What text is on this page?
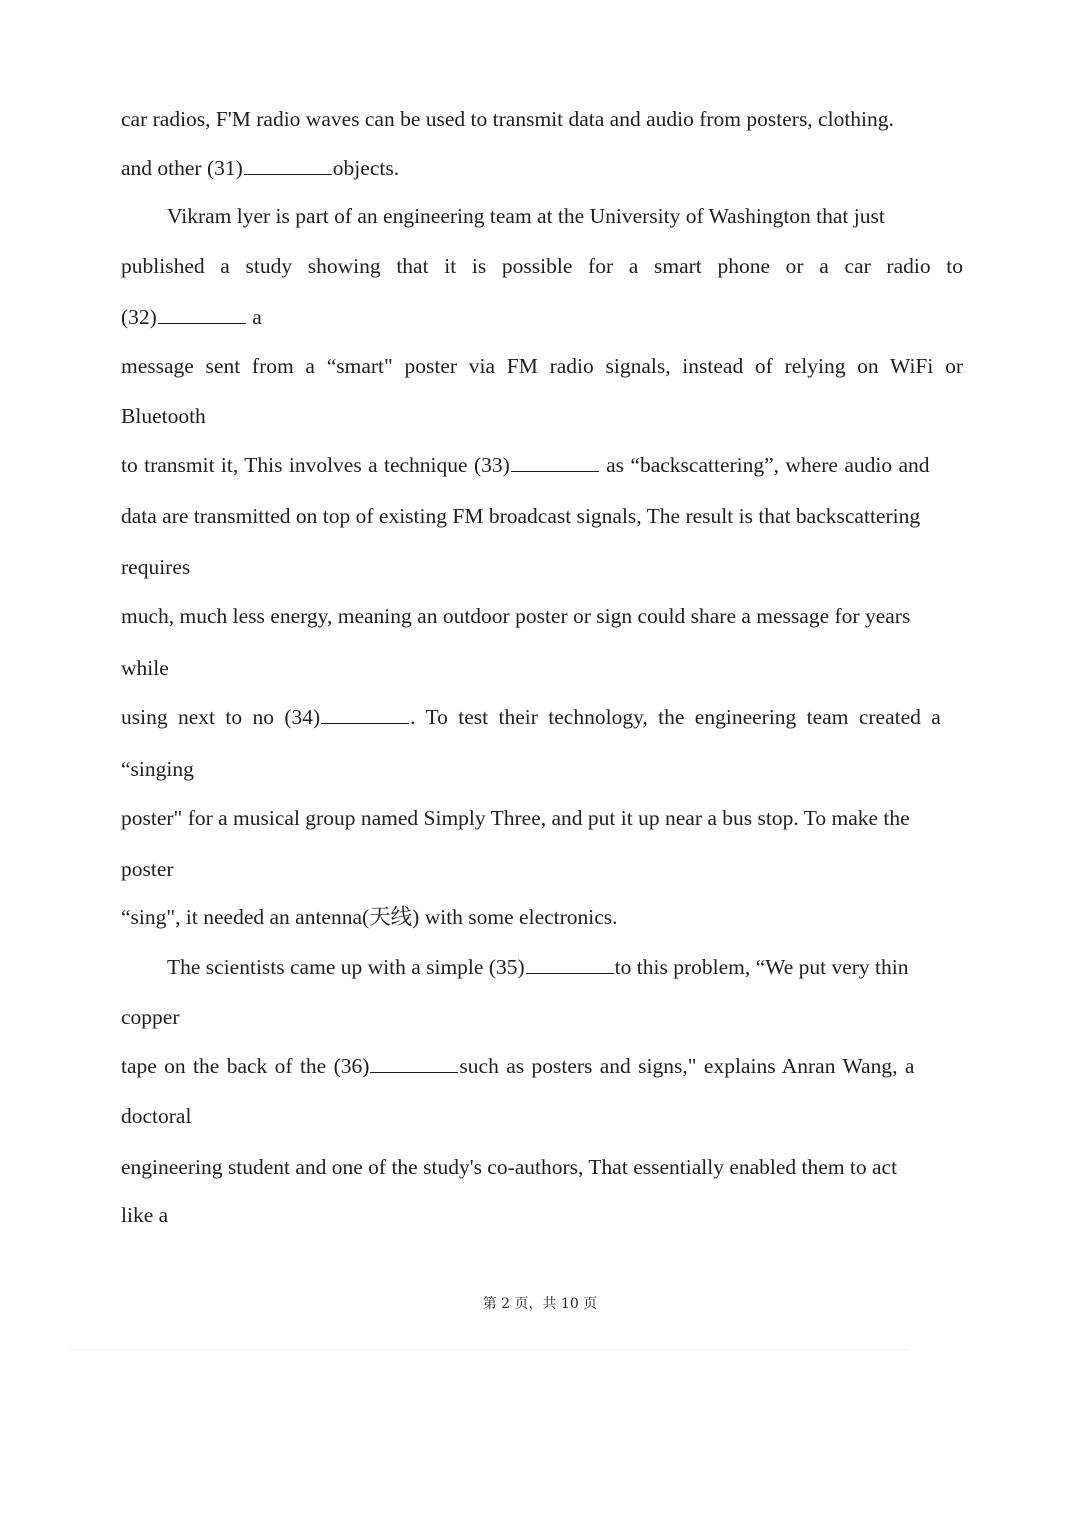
car radios, F'M radio waves can be used to transmit data and audio from posters, clothing.
and other (31)	objects.
Vikram lyer is part of an engineering team at the University of Washington that just
published a study showing that it is possible for a smart phone or a car radio to
(32)	a
message sent from a “smart" poster via FM radio signals, instead of relying on WiFi or
Bluetooth
to transmit it, This involves a technique (33)	as “backscattering”, where audio and
data are transmitted on top of existing FM broadcast signals, The result is that backscattering
requires
much, much less energy, meaning an outdoor poster or sign could share a message for years
while
using next to no (34)	. To test their technology, the engineering team created a
“singing
poster" for a musical group named Simply Three, and put it up near a bus stop. To make the
poster
“sing", it needed an antenna(天线) with some electronics.
The scientists came up with a simple (35)	to this problem, “We put very thin
copper
tape on the back of the (36)	such as posters and signs," explains Anran Wang, a
doctoral
engineering student and one of the study's co-authors, That essentially enabled them to act
like a
第 2 页，共 10 页
